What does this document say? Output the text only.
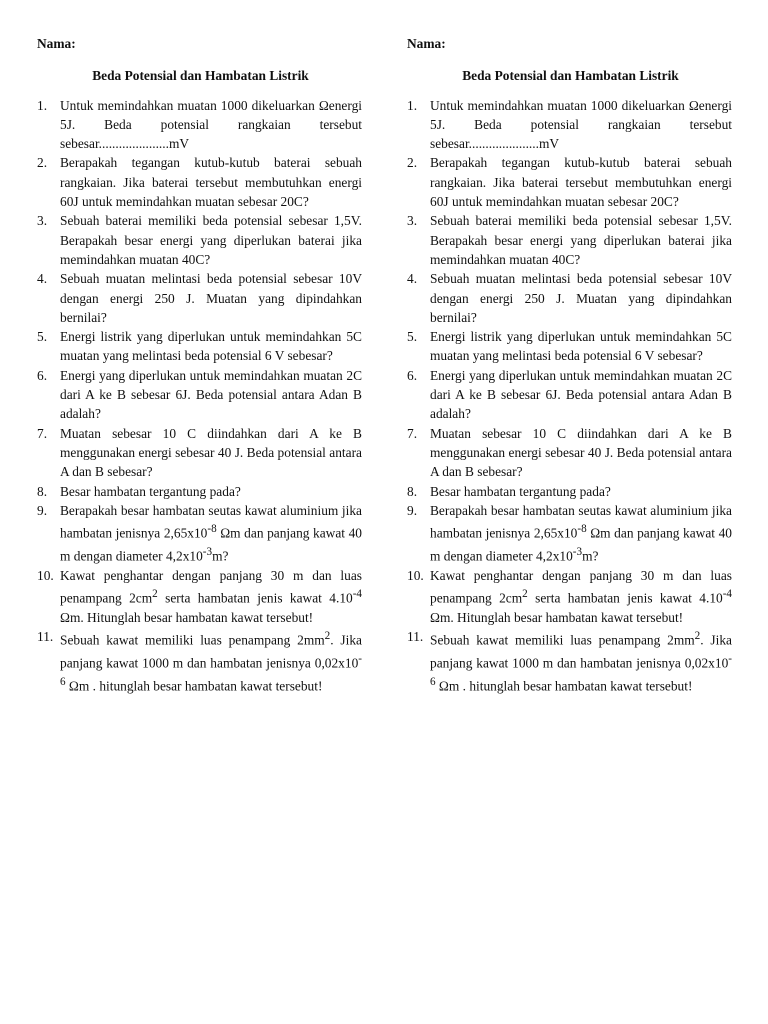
Nama:
Beda Potensial dan Hambatan Listrik
1. Untuk memindahkan muatan 1000 dikeluarkan Ωenergi 5J. Beda potensial rangkaian tersebut sebesar.....................mV
2. Berapakah tegangan kutub-kutub baterai sebuah rangkaian. Jika baterai tersebut membutuhkan energi 60J untuk memindahkan muatan sebesar 20C?
3. Sebuah baterai memiliki beda potensial sebesar 1,5V. Berapakah besar energi yang diperlukan baterai jika memindahkan muatan 40C?
4. Sebuah muatan melintasi beda potensial sebesar 10V dengan energi 250 J. Muatan yang dipindahkan bernilai?
5. Energi listrik yang diperlukan untuk memindahkan 5C muatan yang melintasi beda potensial 6 V sebesar?
6. Energi yang diperlukan untuk memindahkan muatan 2C dari A ke B sebesar 6J. Beda potensial antara Adan B adalah?
7. Muatan sebesar 10 C diindahkan dari A ke B menggunakan energi sebesar 40 J. Beda potensial antara A dan B sebesar?
8. Besar hambatan tergantung pada?
9. Berapakah besar hambatan seutas kawat aluminium jika hambatan jenisnya $2,65x10^{-8}$ Ωm dan panjang kawat 40 m dengan diameter $4,2x10^{-3}m$?
10. Kawat penghantar dengan panjang 30 m dan luas penampang $2cm^2$ serta hambatan jenis kawat $4.10^{-4}$ Ωm. Hitunglah besar hambatan kawat tersebut!
11. Sebuah kawat memiliki luas penampang $2mm^2$. Jika panjang kawat 1000 m dan hambatan jenisnya $0,02x10^{-6}$ Ωm . hitunglah besar hambatan kawat tersebut!
Nama:
Beda Potensial dan Hambatan Listrik
1. Untuk memindahkan muatan 1000 dikeluarkan Ωenergi 5J. Beda potensial rangkaian tersebut sebesar.....................mV
2. Berapakah tegangan kutub-kutub baterai sebuah rangkaian. Jika baterai tersebut membutuhkan energi 60J untuk memindahkan muatan sebesar 20C?
3. Sebuah baterai memiliki beda potensial sebesar 1,5V. Berapakah besar energi yang diperlukan baterai jika memindahkan muatan 40C?
4. Sebuah muatan melintasi beda potensial sebesar 10V dengan energi 250 J. Muatan yang dipindahkan bernilai?
5. Energi listrik yang diperlukan untuk memindahkan 5C muatan yang melintasi beda potensial 6 V sebesar?
6. Energi yang diperlukan untuk memindahkan muatan 2C dari A ke B sebesar 6J. Beda potensial antara Adan B adalah?
7. Muatan sebesar 10 C diindahkan dari A ke B menggunakan energi sebesar 40 J. Beda potensial antara A dan B sebesar?
8. Besar hambatan tergantung pada?
9. Berapakah besar hambatan seutas kawat aluminium jika hambatan jenisnya $2,65x10^{-8}$ Ωm dan panjang kawat 40 m dengan diameter $4,2x10^{-3}m$?
10. Kawat penghantar dengan panjang 30 m dan luas penampang $2cm^2$ serta hambatan jenis kawat $4.10^{-4}$ Ωm. Hitunglah besar hambatan kawat tersebut!
11. Sebuah kawat memiliki luas penampang $2mm^2$. Jika panjang kawat 1000 m dan hambatan jenisnya $0,02x10^{-6}$ Ωm . hitunglah besar hambatan kawat tersebut!
